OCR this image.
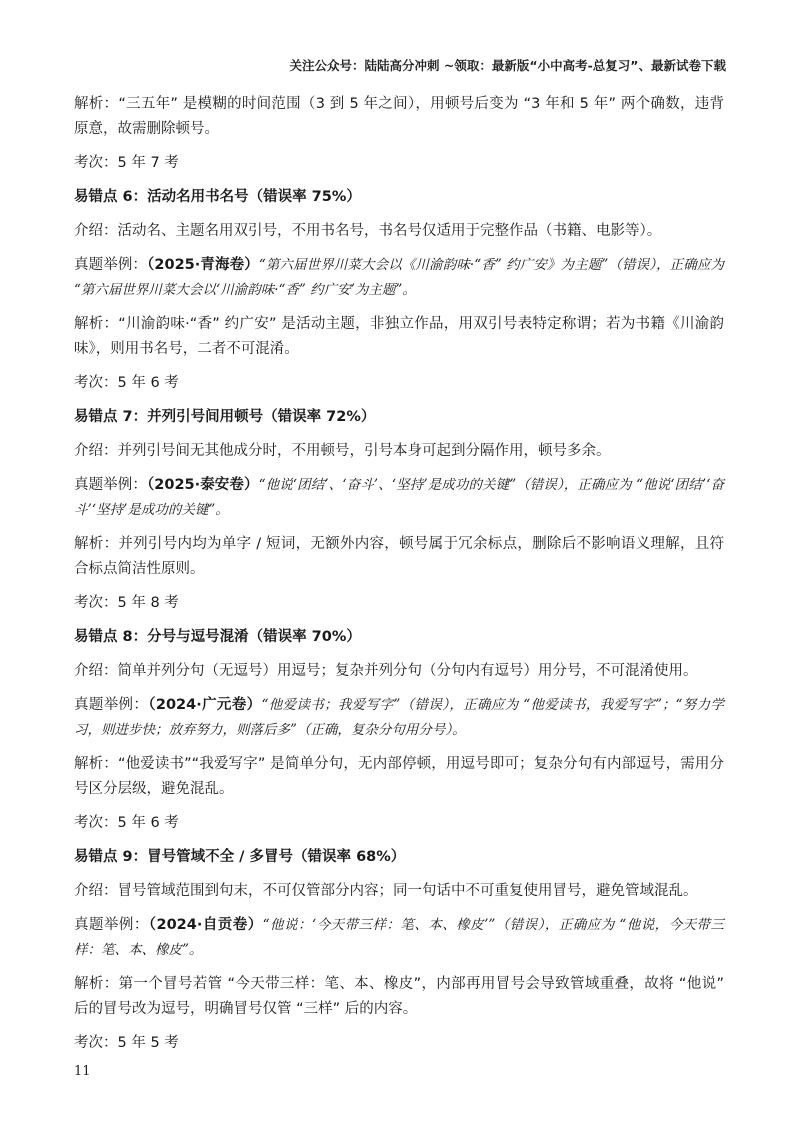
关注公众号：陆陆高分冲刺 ~领取：最新版“小中高考-总复习”、最新试卷下载
解析：“三五年” 是模糊的时间范围（3 到 5 年之间），用顿号后变为 “3 年和 5 年” 两个确数，违背原意，故需删除顿号。
考次：5 年 7 考
易错点 6：活动名用书名号（错误率 75%）
介绍：活动名、主题名用双引号，不用书名号，书名号仅适用于完整作品（书籍、电影等）。
真题举例：（2025·青海卷）“第六届世界川菜大会以《川渝韵味·“香” 约广安》为主题”（错误），正确应为 “第六届世界川菜大会以‘川渝韵味·“香” 约广安’为主题”。
解析：“川渝韵味·“香” 约广安” 是活动主题，非独立作品，用双引号表特定称谓；若为书籍《川渝韵味》，则用书名号，二者不可混淆。
考次：5 年 6 考
易错点 7：并列引号间用顿号（错误率 72%）
介绍：并列引号间无其他成分时，不用顿号，引号本身可起到分隔作用，顿号多余。
真题举例：（2025·泰安卷）“他说‘团结’、‘奋斗’、‘坚持’是成功的关键”（错误），正确应为 “他说‘团结’‘奋斗’‘坚持’是成功的关键”。
解析：并列引号内均为单字 / 短词，无额外内容，顿号属于冗余标点，删除后不影响语义理解，且符合标点简洁性原则。
考次：5 年 8 考
易错点 8：分号与逗号混淆（错误率 70%）
介绍：简单并列分句（无逗号）用逗号；复杂并列分句（分句内有逗号）用分号，不可混淆使用。
真题举例：（2024·广元卷）“他爱读书；我爱写字”（错误），正确应为 “他爱读书，我爱写字”；“努力学习，则进步快；放弃努力，则落后多”（正确，复杂分句用分号）。
解析：“他爱读书”“我爱写字” 是简单分句，无内部停顿，用逗号即可；复杂分句有内部逗号，需用分号区分层级，避免混乱。
考次：5 年 6 考
易错点 9：冒号管域不全 / 多冒号（错误率 68%）
介绍：冒号管域范围到句末，不可仅管部分内容；同一句话中不可重复使用冒号，避免管域混乱。
真题举例：（2024·自贡卷）“他说：‘今天带三样：笔、本、橡皮’”（错误），正确应为 “他说，今天带三样：笔、本、橡皮”。
解析：第一个冒号若管 “今天带三样：笔、本、橡皮”，内部再用冒号会导致管域重叠，故将 “他说” 后的冒号改为逗号，明确冒号仅管 “三样” 后的内容。
考次：5 年 5 考
11
